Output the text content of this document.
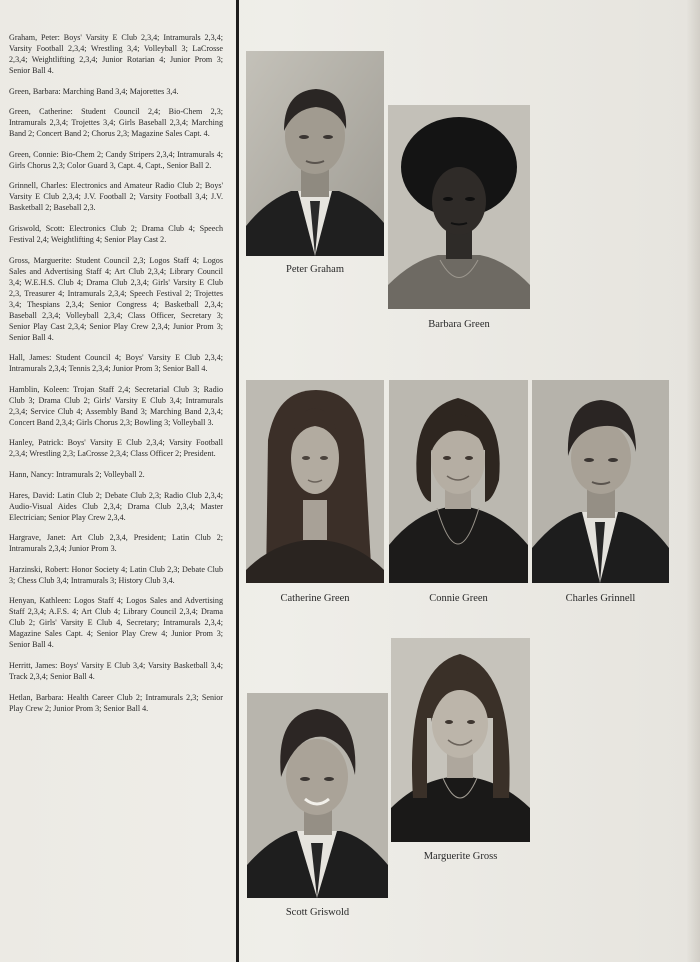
Graham, Peter: Boys' Varsity E Club 2,3,4; Intramurals 2,3,4; Varsity Football 2,3,4; Wrestling 3,4; Volleyball 3; LaCrosse 2,3,4; Weightlifting 2,3,4; Junior Rotarian 4; Junior Prom 3; Senior Ball 4.

Green, Barbara: Marching Band 3,4; Majorettes 3,4.

Green, Catherine: Student Council 2,4; Bio-Chem 2,3; Intramurals 2,3,4; Trojettes 3,4; Girls Baseball 2,3,4; Marching Band 2; Concert Band 2; Chorus 2,3; Magazine Sales Capt. 4.

Green, Connie: Bio-Chem 2; Candy Stripers 2,3,4; Intramurals 4; Girls Chorus 2,3; Color Guard 3, Capt. 4, Capt., Senior Ball 2.

Grinnell, Charles: Electronics and Amateur Radio Club 2; Boys' Varsity E Club 2,3,4; J.V. Football 2; Varsity Football 3,4; J.V. Basketball 2; Baseball 2,3.

Griswold, Scott: Electronics Club 2; Drama Club 4; Speech Festival 2,4; Weightlifting 4; Senior Play Cast 2.

Gross, Marguerite: Student Council 2,3; Logos Staff 4; Logos Sales and Advertising Staff 4; Art Club 2,3,4; Library Council 3,4; W.E.H.S. Club 4; Drama Club 2,3,4; Girls' Varsity E Club 2,3, Treasurer 4; Intramurals 2,3,4; Speech Festival 2; Trojettes 3,4; Thespians 2,3,4; Senior Congress 4; Basketball 2,3,4; Baseball 2,3,4; Volleyball 2,3,4; Class Officer, Secretary 3; Senior Play Cast 2,3,4; Senior Play Crew 2,3,4; Junior Prom 3; Senior Ball 4.

Hall, James: Student Council 4; Boys' Varsity E Club 2,3,4; Intramurals 2,3,4; Tennis 2,3,4; Junior Prom 3; Senior Ball 4.

Hamblin, Koleen: Trojan Staff 2,4; Secretarial Club 3; Radio Club 3; Drama Club 2; Girls' Varsity E Club 3,4; Intramurals 2,3,4; Service Club 4; Assembly Band 3; Marching Band 2,3,4; Concert Band 2,3,4; Girls Chorus 2,3; Bowling 3; Volleyball 3.

Hanley, Patrick: Boys' Varsity E Club 2,3,4; Varsity Football 2,3,4; Wrestling 2,3; LaCrosse 2,3,4; Class Officer 2; President.

Hann, Nancy: Intramurals 2; Volleyball 2.

Hares, David: Latin Club 2; Debate Club 2,3; Radio Club 2,3,4; Audio-Visual Aides Club 2,3,4; Drama Club 2,3,4; Master Electrician; Senior Play Crew 2,3,4.

Hargrave, Janet: Art Club 2,3,4, President; Latin Club 2; Intramurals 2,3,4; Junior Prom 3.

Harzinski, Robert: Honor Society 4; Latin Club 2,3; Debate Club 3; Chess Club 3,4; Intramurals 3; History Club 3,4.

Henyan, Kathleen: Logos Staff 4; Logos Sales and Advertising Staff 2,3,4; A.F.S. 4; Art Club 4; Library Council 2,3,4; Drama Club 2; Girls' Varsity E Club 4, Secretary; Intramurals 2,3,4; Magazine Sales Capt. 4; Senior Play Crew 4; Junior Prom 3; Senior Ball 4.

Herritt, James: Boys' Varsity E Club 3,4; Varsity Basketball 3,4; Track 2,3,4; Senior Ball 4.

Hetlan, Barbara: Health Career Club 2; Intramurals 2,3; Senior Play Crew 2; Junior Prom 3; Senior Ball 4.

Peter Graham
Barbara Green
Catherine Green	Connie Green	Charles Grinnell
Marguerite Gross
Scott Griswold
